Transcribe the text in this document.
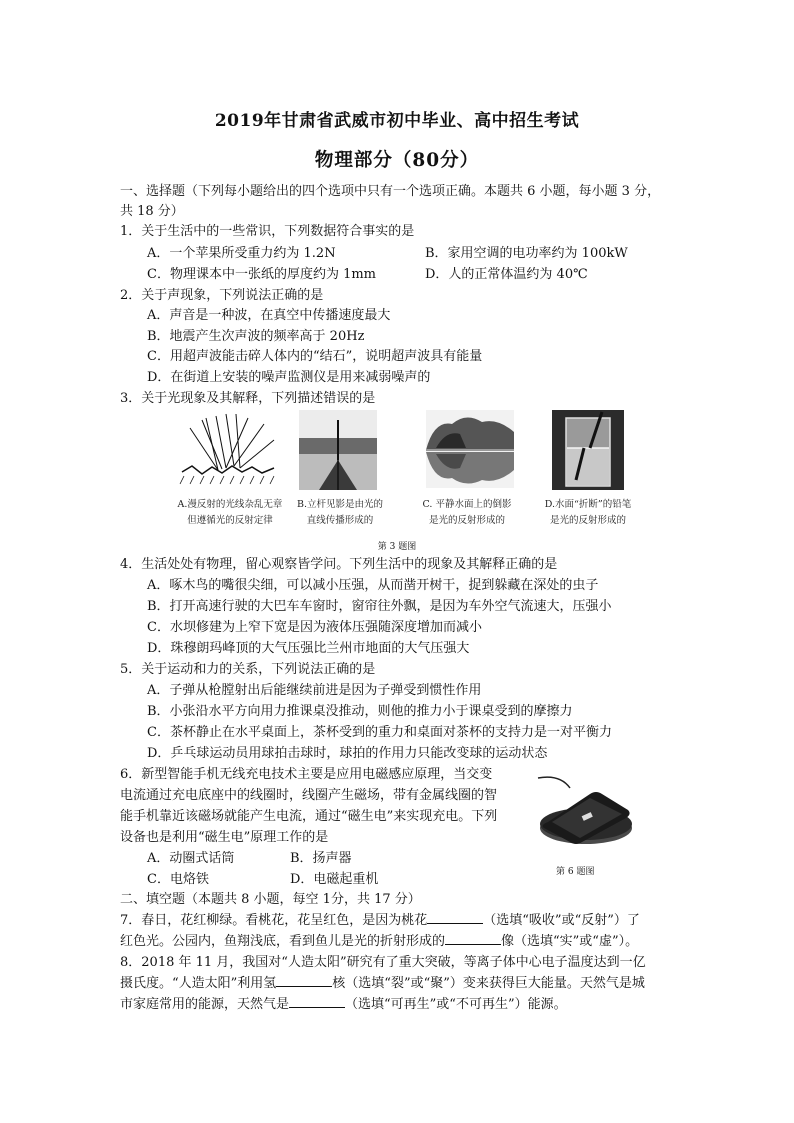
2019年甘肃省武威市初中毕业、高中招生考试
物理部分（80分）
一、选择题（下列每小题给出的四个选项中只有一个选项正确。本题共 6 小题，每小题 3 分，
共 18 分）
1．关于生活中的一些常识，下列数据符合事实的是
A．一个苹果所受重力约为 1.2N	B．家用空调的电功率约为 100kW
C．物理课本中一张纸的厚度约为 1mm	D．人的正常体温约为 40℃
2．关于声现象，下列说法正确的是
A．声音是一种波，在真空中传播速度最大
B．地震产生次声波的频率高于 20Hz
C．用超声波能击碎人体内的“结石”，说明超声波具有能量
D．在街道上安装的噪声监测仪是用来减弱噪声的
3．关于光现象及其解释，下列描述错误的是
A.漫反射的光线杂乱无章
但遵循光的反射定律
B.立杆见影是由光的
直线传播形成的
C. 平静水面上的倒影
是光的反射形成的
D.水面“折断”的铅笔
是光的反射形成的
第 3 题图
4．生活处处有物理，留心观察皆学问。下列生活中的现象及其解释正确的是
A．啄木鸟的嘴很尖细，可以减小压强，从而凿开树干，捉到躲藏在深处的虫子
B．打开高速行驶的大巴车车窗时，窗帘往外飘，是因为车外空气流速大，压强小
C．水坝修建为上窄下宽是因为液体压强随深度增加而减小
D．珠穆朗玛峰顶的大气压强比兰州市地面的大气压强大
5．关于运动和力的关系，下列说法正确的是
A．子弹从枪膛射出后能继续前进是因为子弹受到惯性作用
B．小张沿水平方向用力推课桌没推动，则他的推力小于课桌受到的摩擦力
C．茶杯静止在水平桌面上，茶杯受到的重力和桌面对茶杯的支持力是一对平衡力
D．乒乓球运动员用球拍击球时，球拍的作用力只能改变球的运动状态
6．新型智能手机无线充电技术主要是应用电磁感应原理，当交变
电流通过充电底座中的线圈时，线圈产生磁场，带有金属线圈的智
能手机靠近该磁场就能产生电流，通过“磁生电”来实现充电。下列
设备也是利用“磁生电”原理工作的是
A．动圈式话筒	B．扬声器
C．电烙铁	D．电磁起重机	第 6 题图
二、填空题（本题共 8 小题，每空 1分，共 17 分）
7．春日，花红柳绿。看桃花，花呈红色，是因为桃花	（选填“吸收”或“反射”）了
红色光。公园内，鱼翔浅底，看到鱼儿是光的折射形成的	像（选填“实”或“虚”）。
8．2018 年 11 月，我国对“人造太阳”研究有了重大突破，等离子体中心电子温度达到一亿
摄氏度。“人造太阳”利用氢	核（选填“裂”或“聚”）变来获得巨大能量。天然气是城
市家庭常用的能源，天然气是	（选填“可再生”或“不可再生”）能源。
